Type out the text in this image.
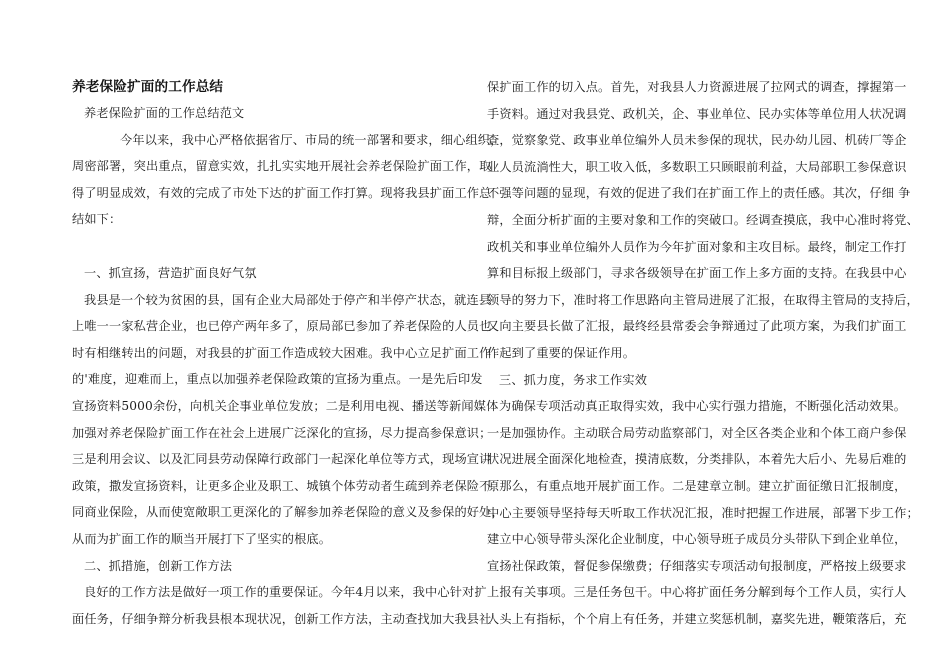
养老保险扩面的工作总结
养老保险扩面的工作总结范文
今年以来，我中心严格依据省厅、市局的统一部署和要求，细心组织，
周密部署，突出重点，留意实效，扎扎实实地开展社会养老保险扩面工作，取
得了明显成效，有效的完成了市处下达的扩面工作打算。现将我县扩面工作总
结如下：
一、抓宣扬，营造扩面良好气氛
我县是一个较为贫困的县，国有企业大局部处于停产和半停产状态，就连县
上唯一一家私营企业，也已停产两年多了，原局部已参加了养老保险的人员也
时有相继转出的问题，对我县的扩面工作造成较大困难。我中心立足扩面工作
的'难度，迎难而上，重点以加强养老保险政策的宣扬为重点。一是先后印发
宣扬资料5000余份，向机关企事业单位发放；二是利用电视、播送等新闻媒体
加强对养老保险扩面工作在社会上进展广泛深化的宣扬，尽力提高参保意识；
三是利用会议、以及汇同县劳动保障行政部门一起深化单位等方式，现场宣讲
政策，撒发宣扬资料，让更多企业及职工、城镇个体劳动者生疏到养老保险不
同商业保险，从而使宽敞职工更深化的了解参加养老保险的意义及参保的好处，
从而为扩面工作的顺当开展打下了坚实的根底。
二、抓措施，创新工作方法
良好的工作方法是做好一项工作的重要保证。今年4月以来，我中心针对扩
面任务，仔细争辩分析我县根本现状况，创新工作方法，主动查找加大我县社
保扩面工作的切入点。首先，对我县人力资源进展了拉网式的调查，撑握第一
手资料。通过对我县党、政机关，企、事业单位、民办实体等单位用人状况调
查，觉察象党、政事业单位编外人员未参保的现状，民办幼儿园、机砖厂等企
业人员流淌性大，职工收入低，多数职工只顾眼前利益，大局部职工参保意识
不强等问题的显现，有效的促进了我们在扩面工作上的责任感。其次，仔细 争
辩，全面分析扩面的主要对象和工作的突破口。经调查摸底，我中心准时将党、
政机关和事业单位编外人员作为今年扩面对象和主攻目标。最终，制定工作打
算和目标报上级部门，寻求各级领导在扩面工作上多方面的支持。在我县中心
领导的努力下，准时将工作思路向主管局进展了汇报，在取得主管局的支持后，
又向主要县长做了汇报，最终经县常委会争辩通过了此项方案，为我们扩面工
作起到了重要的保证作用。
三、抓力度，务求工作实效
为确保专项活动真正取得实效，我中心实行强力措施，不断强化活动效果。
一是加强协作。主动联合局劳动监察部门，对全区各类企业和个体工商户参保
状况进展全面深化地检查，摸清底数，分类排队，本着先大后小、先易后难的
原那么，有重点地开展扩面工作。二是建章立制。建立扩面征缴日汇报制度，
中心主要领导坚持每天听取工作状况汇报，准时把握工作进展，部署下步工作；
建立中心领导带头深化企业制度，中心领导班子成员分头带队下到企业单位，
宣扬社保政策，督促参保缴费；仔细落实专项活动旬报制度，严格按上级要求
上报有关事项。三是任务包干。中心将扩面任务分解到每个工作人员，实行人
人头上有指标，个个肩上有任务，并建立奖惩机制，嘉奖先进，鞭策落后，充
